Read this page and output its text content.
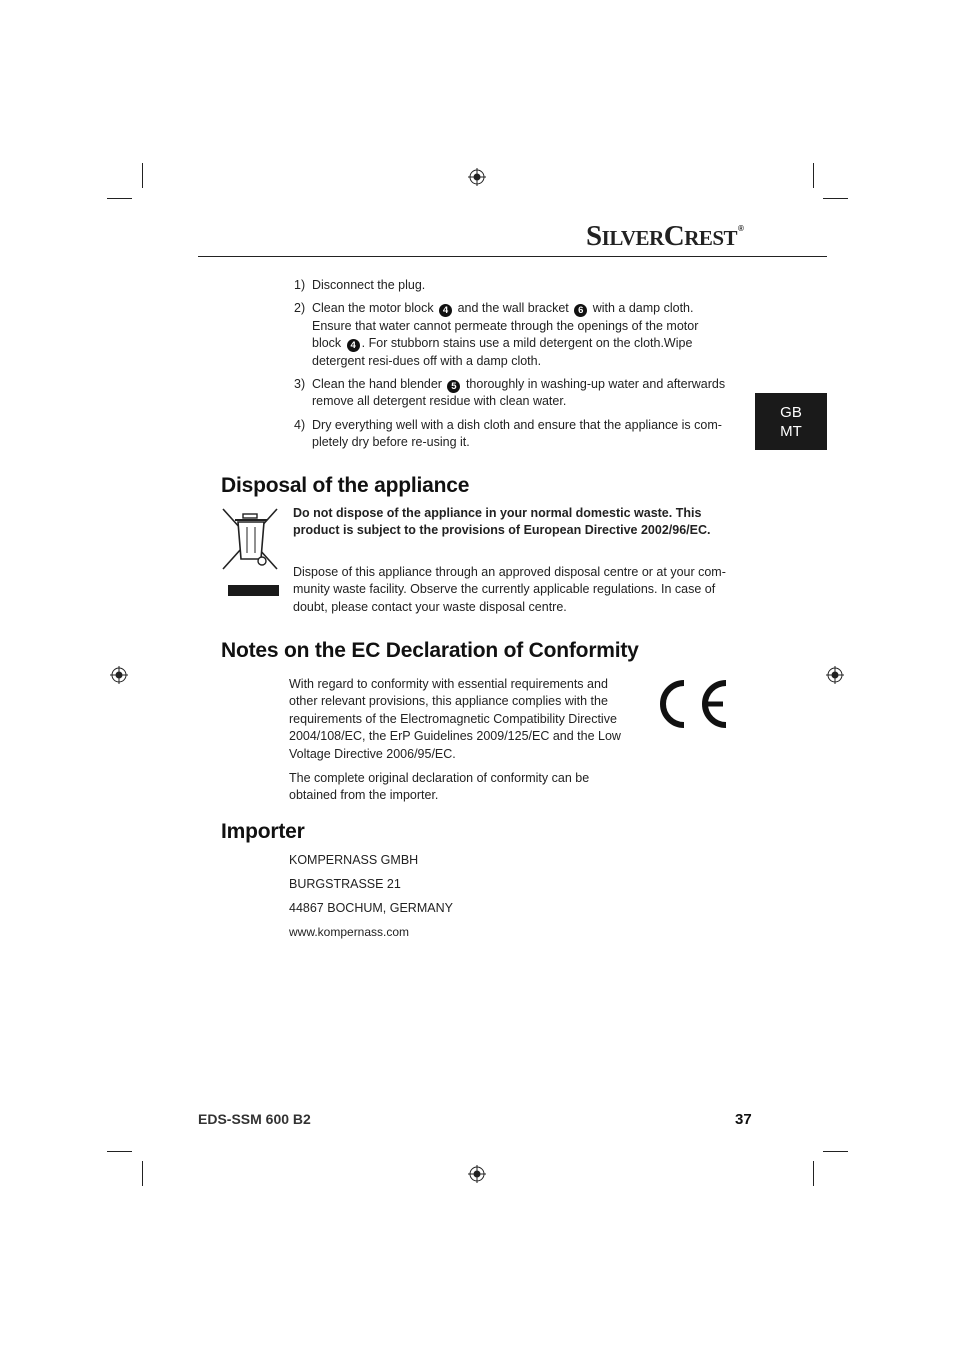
SILVERCREST®
GB
MT
1) Disconnect the plug.
2) Clean the motor block 4 and the wall bracket 6 with a damp cloth.
Ensure that water cannot permeate through the openings of the motor block 4 . For stubborn stains use a mild detergent on the cloth.Wipe detergent resi-dues off with a damp cloth.
3) Clean the hand blender 5 thoroughly in washing-up water and afterwards remove all detergent residue with clean water.
4) Dry everything well with a dish cloth and ensure that the appliance is com-pletely dry before re-using it.
Disposal of the appliance

Do not dispose of the appliance in your normal domestic waste. This product is subject to the provisions of European Directive 2002/96/EC.

Dispose of this appliance through an approved disposal centre or at your com-munity waste facility. Observe the currently applicable regulations. In case of doubt, please contact your waste disposal centre.

Notes on the EC Declaration of Conformity

With regard to conformity with essential requirements and other relevant provisions, this appliance complies with the requirements of the Electromagnetic Compatibility Directive 2004/108/EC, the ErP Guidelines 2009/125/EC and the Low Voltage Directive 2006/95/EC.

The complete original declaration of conformity can be obtained from the importer.

Importer

KOMPERNASS GMBH

BURGSTRASSE 21

44867 BOCHUM, GERMANY

www.kompernass.com

EDS-SSM 600 B2	37
